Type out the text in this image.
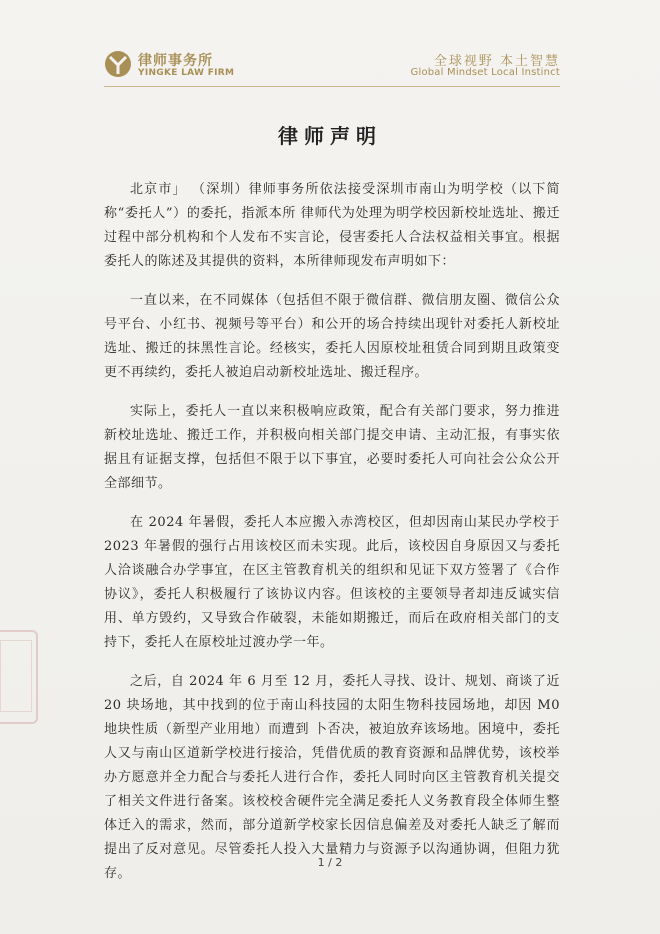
律师事务所
YINGKE LAW FIRM
全球视野 本土智慧
Global Mindset Local Instinct
律师声明

北京市」 （深圳）律师事务所依法接受深圳市南山为明学校（以下简称“委托人”）的委托，指派本所 律师代为处理为明学校因新校址选址、搬迁过程中部分机构和个人发布不实言论，侵害委托人合法权益相关事宜。根据委托人的陈述及其提供的资料，本所律师现发布声明如下：

一直以来，在不同媒体（包括但不限于微信群、微信朋友圈、微信公众号平台、小红书、视频号等平台）和公开的场合持续出现针对委托人新校址选址、搬迁的抹黑性言论。经核实，委托人因原校址租赁合同到期且政策变更不再续约，委托人被迫启动新校址选址、搬迁程序。

实际上，委托人一直以来积极响应政策，配合有关部门要求，努力推进新校址选址、搬迁工作，并积极向相关部门提交申请、主动汇报，有事实依据且有证据支撑，包括但不限于以下事宜，必要时委托人可向社会公众公开全部细节。

在 2024 年暑假，委托人本应搬入赤湾校区，但却因南山某民办学校于 2023 年暑假的强行占用该校区而未实现。此后，该校因自身原因又与委托人洽谈融合办学事宜，在区主管教育机关的组织和见证下双方签署了《合作协议》，委托人积极履行了该协议内容。但该校的主要领导者却违反诚实信用、单方毁约，又导致合作破裂，未能如期搬迁，而后在政府相关部门的支持下，委托人在原校址过渡办学一年。

之后，自 2024 年 6 月至 12 月，委托人寻找、设计、规划、商谈了近 20 块场地，其中找到的位于南山科技园的太阳生物科技园场地，却因 M0 地块性质（新型产业用地）而遭到 卜否决，被迫放弃该场地。困境中，委托人又与南山区道新学校进行接洽，凭借优质的教育资源和品牌优势，该校举办方愿意并全力配合与委托人进行合作，委托人同时向区主管教育机关提交了相关文件进行备案。该校校舍硬件完全满足委托人义务教育段全体师生整体迁入的需求，然而，部分道新学校家长因信息偏差及对委托人缺乏了解而提出了反对意见。尽管委托人投入大量精力与资源予以沟通协调，但阻力犹存。

1 / 2
